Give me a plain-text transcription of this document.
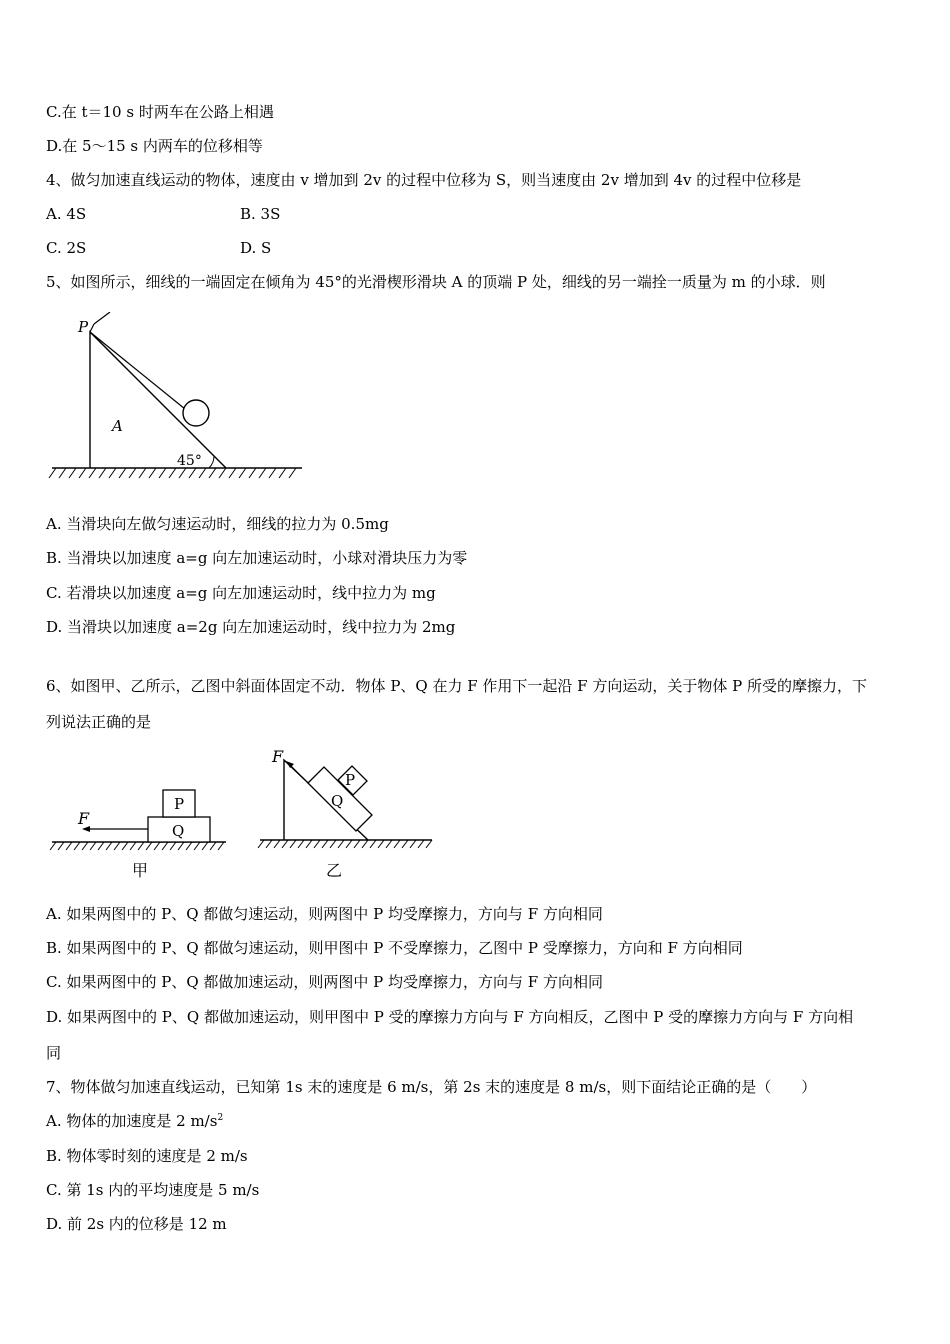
C.在 t＝10 s 时两车在公路上相遇
D.在 5～15 s 内两车的位移相等
4、做匀加速直线运动的物体，速度由 v 增加到 2v 的过程中位移为 S，则当速度由 2v 增加到 4v 的过程中位移是
A. 4S	B. 3S
C. 2S	D. S
5、如图所示，细线的一端固定在倾角为 45°的光滑楔形滑块 A 的顶端 P 处，细线的另一端拴一质量为 m 的小球．则
P
A
45°
A. 当滑块向左做匀速运动时，细线的拉力为 0.5mg
B. 当滑块以加速度 a=g 向左加速运动时，小球对滑块压力为零
C. 若滑块以加速度 a=g 向左加速运动时，线中拉力为 mg
D. 当滑块以加速度 a=2g 向左加速运动时，线中拉力为 2mg
6、如图甲、乙所示，乙图中斜面体固定不动．物体 P、Q 在力 F 作用下一起沿 F 方向运动，关于物体 P 所受的摩擦力，下
列说法正确的是
F
P
Q
甲
F
P
Q
乙
A. 如果两图中的 P、Q 都做匀速运动，则两图中 P 均受摩擦力，方向与 F 方向相同
B. 如果两图中的 P、Q 都做匀速运动，则甲图中 P 不受摩擦力，乙图中 P 受摩擦力，方向和 F 方向相同
C. 如果两图中的 P、Q 都做加速运动，则两图中 P 均受摩擦力，方向与 F 方向相同
D. 如果两图中的 P、Q 都做加速运动，则甲图中 P 受的摩擦力方向与 F 方向相反，乙图中 P 受的摩擦力方向与 F 方向相
同
7、物体做匀加速直线运动，已知第 1s 末的速度是 6 m/s，第 2s 末的速度是 8 m/s，则下面结论正确的是（　　）
A. 物体的加速度是 2 $m/s^2$
B. 物体零时刻的速度是 2 m/s
C. 第 1s 内的平均速度是 5 m/s
D. 前 2s 内的位移是 12 m
